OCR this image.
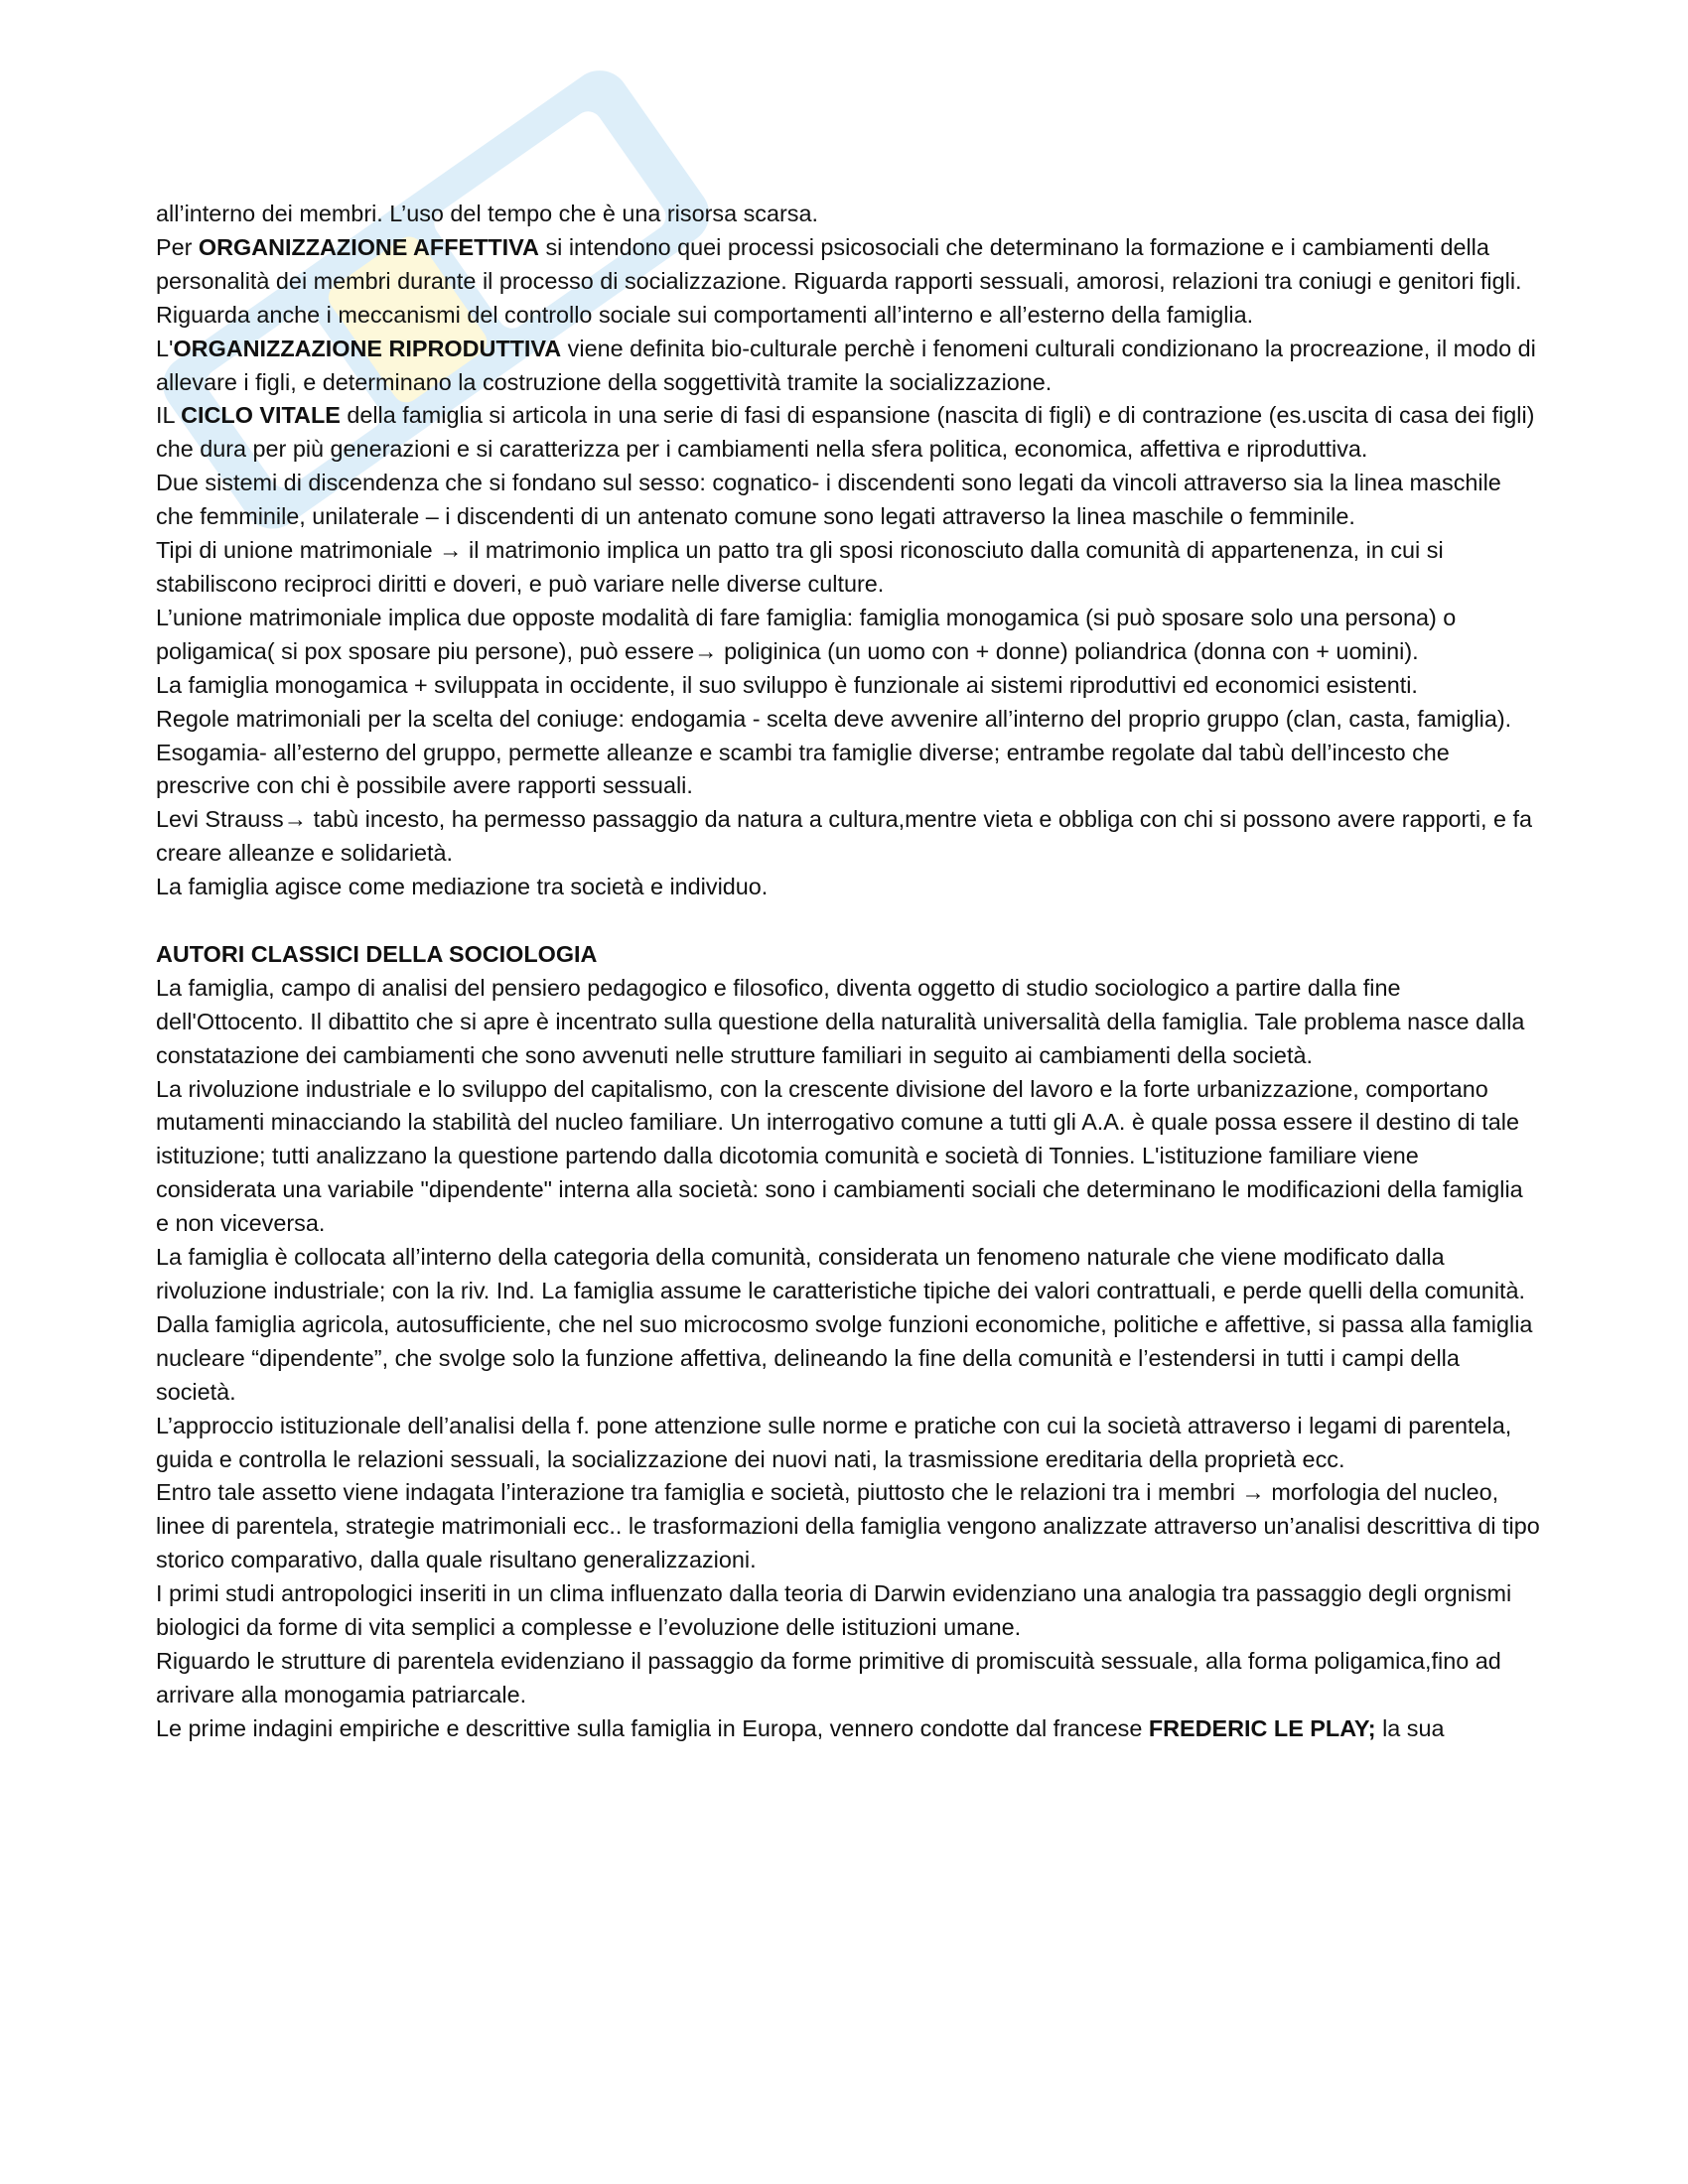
all’interno dei membri. L’uso del tempo che è una risorsa scarsa.

Per ORGANIZZAZIONE AFFETTIVA si intendono quei processi psicosociali che determinano la formazione e i cambiamenti della personalità dei membri durante il processo di socializzazione. Riguarda rapporti sessuali, amorosi, relazioni tra coniugi e genitori figli. Riguarda anche i meccanismi del controllo sociale sui comportamenti all’interno e all’esterno della famiglia.

L'ORGANIZZAZIONE RIPRODUTTIVA viene definita bio-culturale perchè i fenomeni culturali condizionano la procreazione, il modo di allevare i figli, e determinano la costruzione della soggettività tramite la socializzazione.

IL CICLO VITALE della famiglia si articola in una serie di fasi di espansione (nascita di figli) e di contrazione (es.uscita di casa dei figli) che dura per più generazioni e si caratterizza per i cambiamenti nella sfera politica, economica, affettiva e riproduttiva.

Due sistemi di discendenza che si fondano sul sesso: cognatico- i discendenti sono legati da vincoli attraverso sia la linea maschile che femminile, unilaterale – i discendenti di un antenato comune sono legati attraverso la linea maschile o femminile.

Tipi di unione matrimoniale → il matrimonio implica un patto tra gli sposi riconosciuto dalla comunità di appartenenza, in cui si stabiliscono reciproci diritti e doveri, e può variare nelle diverse culture.

L’unione matrimoniale implica due opposte modalità di fare famiglia: famiglia monogamica (si può sposare solo una persona) o poligamica( si pox sposare piu persone), può essere→ poliginica (un uomo con + donne) poliandrica (donna con + uomini).

La famiglia monogamica + sviluppata in occidente, il suo sviluppo è funzionale ai sistemi riproduttivi ed economici esistenti.

Regole matrimoniali per la scelta del coniuge: endogamia - scelta deve avvenire all’interno del proprio gruppo (clan, casta, famiglia). Esogamia- all’esterno del gruppo, permette alleanze e scambi tra famiglie diverse; entrambe regolate dal tabù dell’incesto che prescrive con chi è possibile avere rapporti sessuali.

Levi Strauss→ tabù incesto, ha permesso passaggio da natura a cultura,mentre vieta e obbliga con chi si possono avere rapporti, e fa creare alleanze e solidarietà.

La famiglia agisce come mediazione tra società e individuo.

AUTORI CLASSICI DELLA SOCIOLOGIA

La famiglia, campo di analisi del pensiero pedagogico e filosofico, diventa oggetto di studio sociologico a partire dalla fine dell'Ottocento. Il dibattito che si apre è incentrato sulla questione della naturalità universalità della famiglia. Tale problema nasce dalla constatazione dei cambiamenti che sono avvenuti nelle strutture familiari in seguito ai cambiamenti della società.

La rivoluzione industriale e lo sviluppo del capitalismo, con la crescente divisione del lavoro e la forte urbanizzazione, comportano mutamenti minacciando la stabilità del nucleo familiare. Un interrogativo comune a tutti gli A.A. è quale possa essere il destino di tale istituzione; tutti analizzano la questione partendo dalla dicotomia comunità e società di Tonnies. L'istituzione familiare viene considerata una variabile "dipendente" interna alla società: sono i cambiamenti sociali che determinano le modificazioni della famiglia e non viceversa.

La famiglia è collocata all’interno della categoria della comunità, considerata un fenomeno naturale che viene modificato dalla rivoluzione industriale; con la riv. Ind. La famiglia assume le caratteristiche tipiche dei valori contrattuali, e perde quelli della comunità.

Dalla famiglia agricola, autosufficiente, che nel suo microcosmo svolge funzioni economiche, politiche e affettive, si passa alla famiglia nucleare “dipendente”, che svolge solo la funzione affettiva, delineando la fine della comunità e l’estendersi in tutti i campi della società.

L’approccio istituzionale dell’analisi della f. pone attenzione sulle norme e pratiche con cui la società attraverso i legami di parentela, guida e controlla le relazioni sessuali, la socializzazione dei nuovi nati, la trasmissione ereditaria della proprietà ecc.

Entro tale assetto viene indagata l’interazione tra famiglia e società, piuttosto che le relazioni tra i membri → morfologia del nucleo, linee di parentela, strategie matrimoniali ecc.. le trasformazioni della famiglia vengono analizzate attraverso un’analisi descrittiva di tipo storico comparativo, dalla quale risultano generalizzazioni.

I primi studi antropologici inseriti in un clima influenzato dalla teoria di Darwin evidenziano una analogia tra passaggio degli orgnismi biologici da forme di vita semplici a complesse e l’evoluzione delle istituzioni umane.

Riguardo le strutture di parentela evidenziano il passaggio da forme primitive di promiscuità sessuale, alla forma poligamica,fino ad arrivare alla monogamia patriarcale.

Le prime indagini empiriche e descrittive sulla famiglia in Europa, vennero condotte dal francese FREDERIC LE PLAY; la sua
